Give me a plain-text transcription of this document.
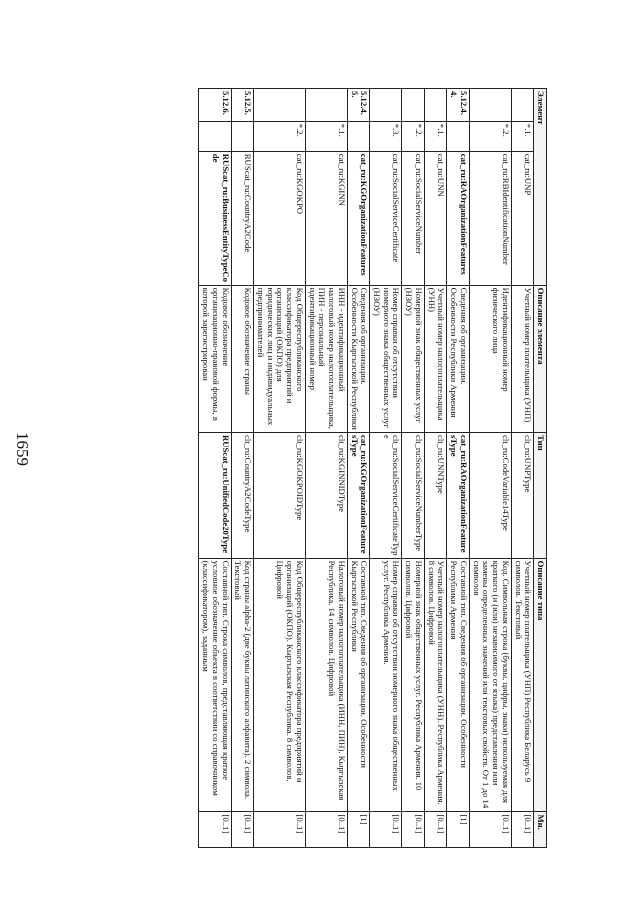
1659
Элемент			Описание элемента	Тип	Описание типа	Мн.
	*.1.	cat_ru:UNP	Учетный номер плательщика (УНП)	clt_ru:UNPType	Учетный номер плательщика (УНП) Республика Беларусь 9 символов. Текстовый	[0..1]
	*.2.	cat_ru:RBIdentificationNumber	Идентификационный номер физического лица	clt_ru:CodeVariable14Type	Код. Символьная строка (буквы, цифры, знаки) используемая для краткого (и (или) независимого от языка) представления или замены определенных значений или текстовых свойств. От 1 до 14 символов	[0..1]
5.12.4.4.		cat_ru:RAOrganizationFeatures	Сведения об организации. Особенности Республики Армения	cat_ru:RAOrganizationFeaturesType	Составной тип. Сведения об организации. Особенности Республики Армения	[1]
	*.1.	cat_ru:UNN	Учетный номер налогоплательщика (УНН)	clt_ru:UNNType	Учетный номер налогоплательщика (УНН). Республика Армения. 8 символов. Цифровой	[0..1]
	*.2.	cat_ru:SocialServiceNumber	Номерной знак общественных услуг (НЗОУ)	clt_ru:SocialServiceNumberType	Номерной знак общественных услуг. Республика Армения. 10 символов. Цифровой	[0..1]
	*.3.	cat_ru:SocialServiceCertificate	Номер справки об отсутствии номерного знака общественных услуг (НЗОУ)	clt_ru:SocialServiceCertificateType	Номер справки об отсутствии номерного знака общественных услуг. Республика Армения.	[0..1]
5.12.4.5.		cat_ru:KGOrganizationFeatures	Сведения об организации. Особенности Кыргызской Республики	cat_ru:KGOrganizationFeaturesType	Составной тип. Сведения об организации. Особенности Кыргызской Республики	[1]
	*.1.	cat_ru:KGINN	ИНН - идентификационный налоговый номер налогоплательщика, ПИН - персональный идентификационный номер	clt_ru:KGINNIDType	Налоговый номер налогоплательщика (ИНН, ПИН). Кыргызская Республика. 14 символов. Цифровой	[0..1]
	*.2.	cat_ru:KGOKPO	Код Общереспубликанского классификатора предприятий и организаций (ОКПО) для юридических лиц и индивидуальных предпринимателей	clt_ru:KGOKPOIDType	Код Общереспубликанского классификатора предприятий и организаций (ОКПО). Кыргызская Республика. 8 символов. Цифровой	[0..1]
5.12.5.		RUScat_ru:CountryA2Code	Кодовое обозначение страны	clt_ru:CountryA2CodeType	Код страны alpha-2 (две буквы латинского алфавита). 2 символа. Текстовый	[0..1]
5.12.6.		RUScat_ru:BusinessEntityTypeCode	Кодовое обозначение организационно-правовой формы, в которой зарегистрирован	RUScat_ru:UnifiedCode20Type	Составной тип. Строка символов, представляющая краткое условное обозначение объекта в соответствии со справочником (классификатором), заданным	[0..1]
